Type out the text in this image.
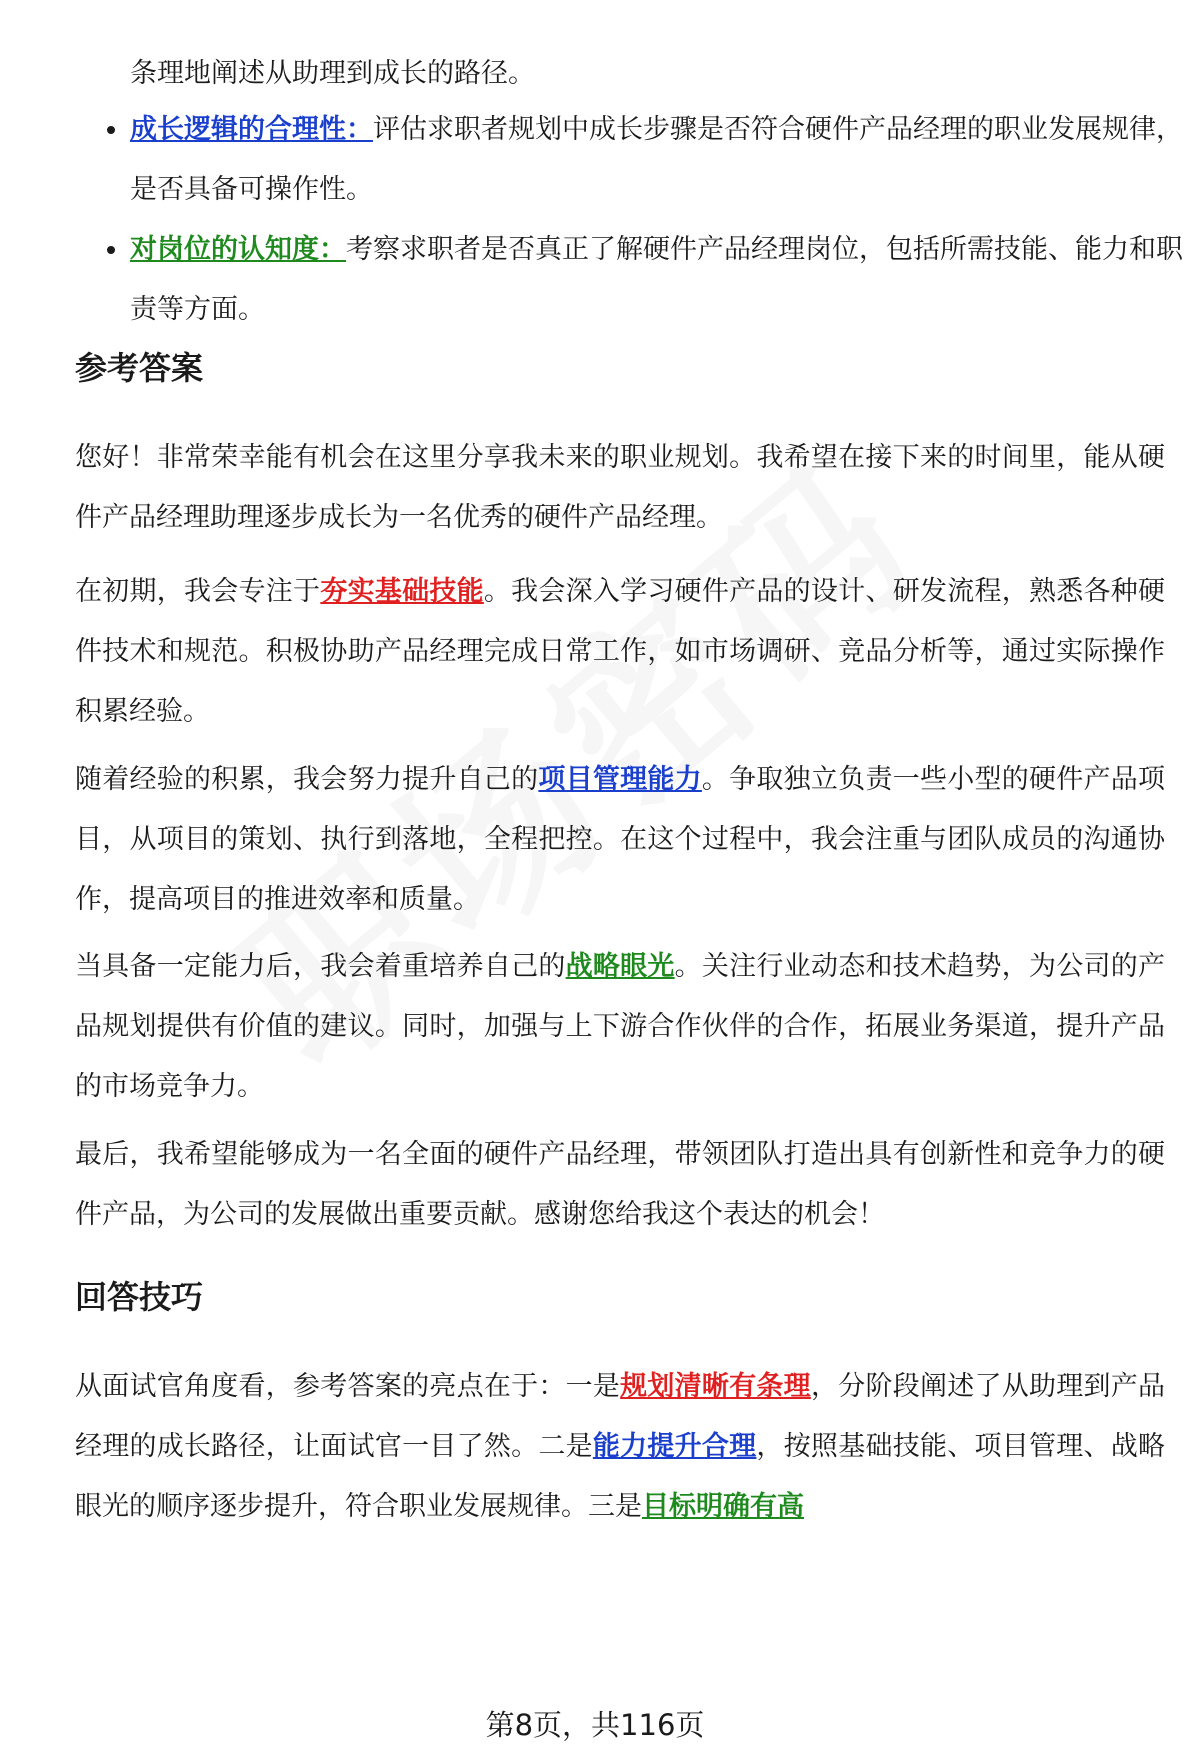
条理地阐述从助理到成长的路径。
• 成长逻辑的合理性：评估求职者规划中成长步骤是否符合硬件产品经理的职业发展规律，是否具备可操作性。
• 对岗位的认知度：考察求职者是否真正了解硬件产品经理岗位，包括所需技能、能力和职责等方面。
参考答案

您好！非常荣幸能有机会在这里分享我未来的职业规划。我希望在接下来的时间里，能从硬件产品经理助理逐步成长为一名优秀的硬件产品经理。

在初期，我会专注于夯实基础技能。我会深入学习硬件产品的设计、研发流程，熟悉各种硬件技术和规范。积极协助产品经理完成日常工作，如市场调研、竞品分析等，通过实际操作积累经验。

随着经验的积累，我会努力提升自己的项目管理能力。争取独立负责一些小型的硬件产品项目，从项目的策划、执行到落地，全程把控。在这个过程中，我会注重与团队成员的沟通协作，提高项目的推进效率和质量。

当具备一定能力后，我会着重培养自己的战略眼光。关注行业动态和技术趋势，为公司的产品规划提供有价值的建议。同时，加强与上下游合作伙伴的合作，拓展业务渠道，提升产品的市场竞争力。

最后，我希望能够成为一名全面的硬件产品经理，带领团队打造出具有创新性和竞争力的硬件产品，为公司的发展做出重要贡献。感谢您给我这个表达的机会！

回答技巧

从面试官角度看，参考答案的亮点在于：一是规划清晰有条理，分阶段阐述了从助理到产品经理的成长路径，让面试官一目了然。二是能力提升合理，按照基础技能、项目管理、战略眼光的顺序逐步提升，符合职业发展规律。三是目标明确有高

第8页，共116页
